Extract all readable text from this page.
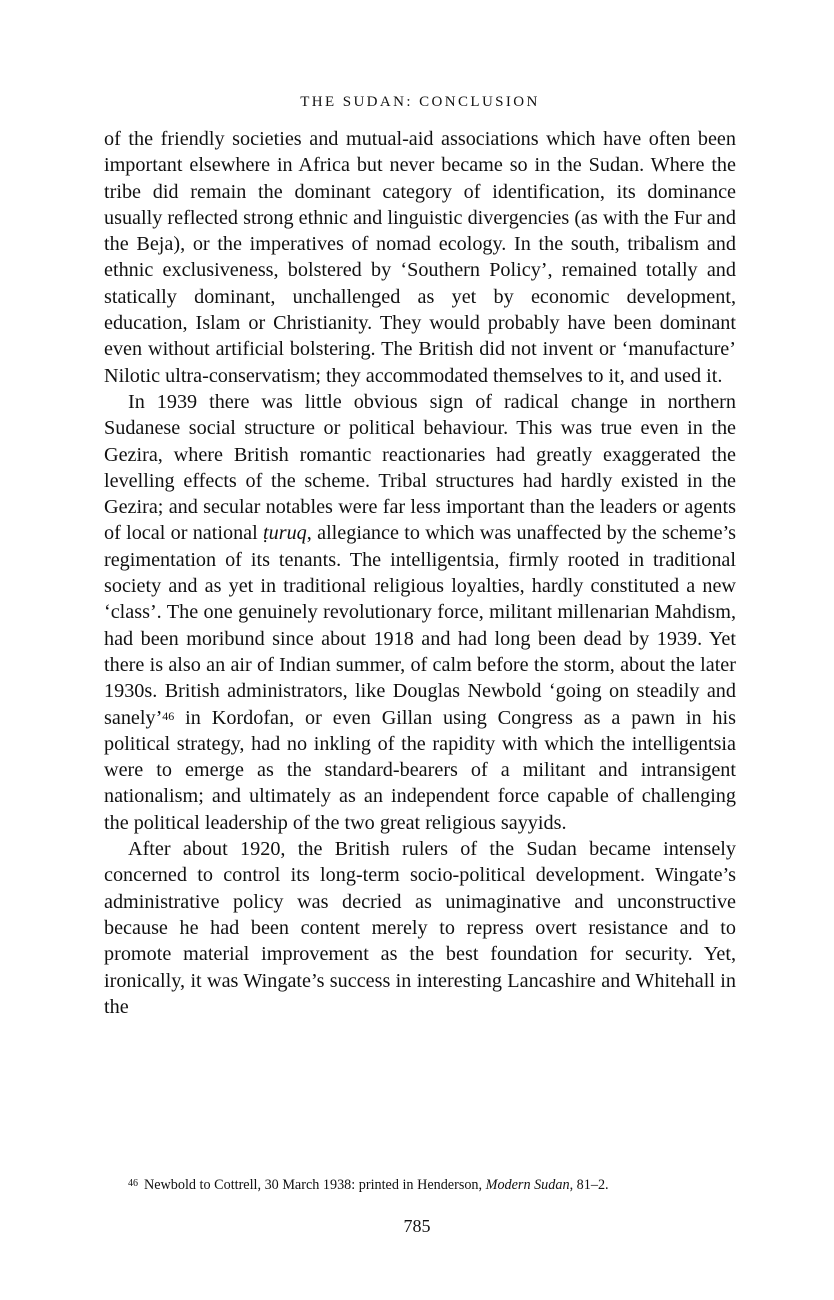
THE SUDAN: CONCLUSION

of the friendly societies and mutual-aid associations which have often been important elsewhere in Africa but never became so in the Sudan. Where the tribe did remain the dominant category of identification, its dominance usually reflected strong ethnic and linguistic divergencies (as with the Fur and the Beja), or the imperatives of nomad ecology. In the south, tribalism and ethnic exclusiveness, bolstered by ‘Southern Policy’, remained totally and statically dominant, unchallenged as yet by economic development, education, Islam or Christianity. They would probably have been dominant even without artificial bolstering. The British did not invent or ‘manufacture’ Nilotic ultra-conservatism; they accommodated themselves to it, and used it.

In 1939 there was little obvious sign of radical change in northern Sudanese social structure or political behaviour. This was true even in the Gezira, where British romantic reactionaries had greatly exaggerated the levelling effects of the scheme. Tribal structures had hardly existed in the Gezira; and secular notables were far less important than the leaders or agents of local or national ṭuruq, allegiance to which was unaffected by the scheme’s regimentation of its tenants. The intelligentsia, firmly rooted in traditional society and as yet in traditional religious loyalties, hardly constituted a new ‘class’. The one genuinely revolutionary force, militant millenarian Mahdism, had been moribund since about 1918 and had long been dead by 1939. Yet there is also an air of Indian summer, of calm before the storm, about the later 1930s. British administrators, like Douglas Newbold ‘going on steadily and sanely’$^{46}$ in Kordofan, or even Gillan using Congress as a pawn in his political strategy, had no inkling of the rapidity with which the intelligentsia were to emerge as the standard-bearers of a militant and intransigent nationalism; and ultimately as an independent force capable of challenging the political leadership of the two great religious sayyids.

After about 1920, the British rulers of the Sudan became intensely concerned to control its long-term socio-political development. Wingate’s administrative policy was decried as unimaginative and unconstructive because he had been content merely to repress overt resistance and to promote material improvement as the best foundation for security. Yet, ironically, it was Wingate’s success in interesting Lancashire and Whitehall in the

$^{46}$ Newbold to Cottrell, 30 March 1938: printed in Henderson, Modern Sudan, 81–2.
785
